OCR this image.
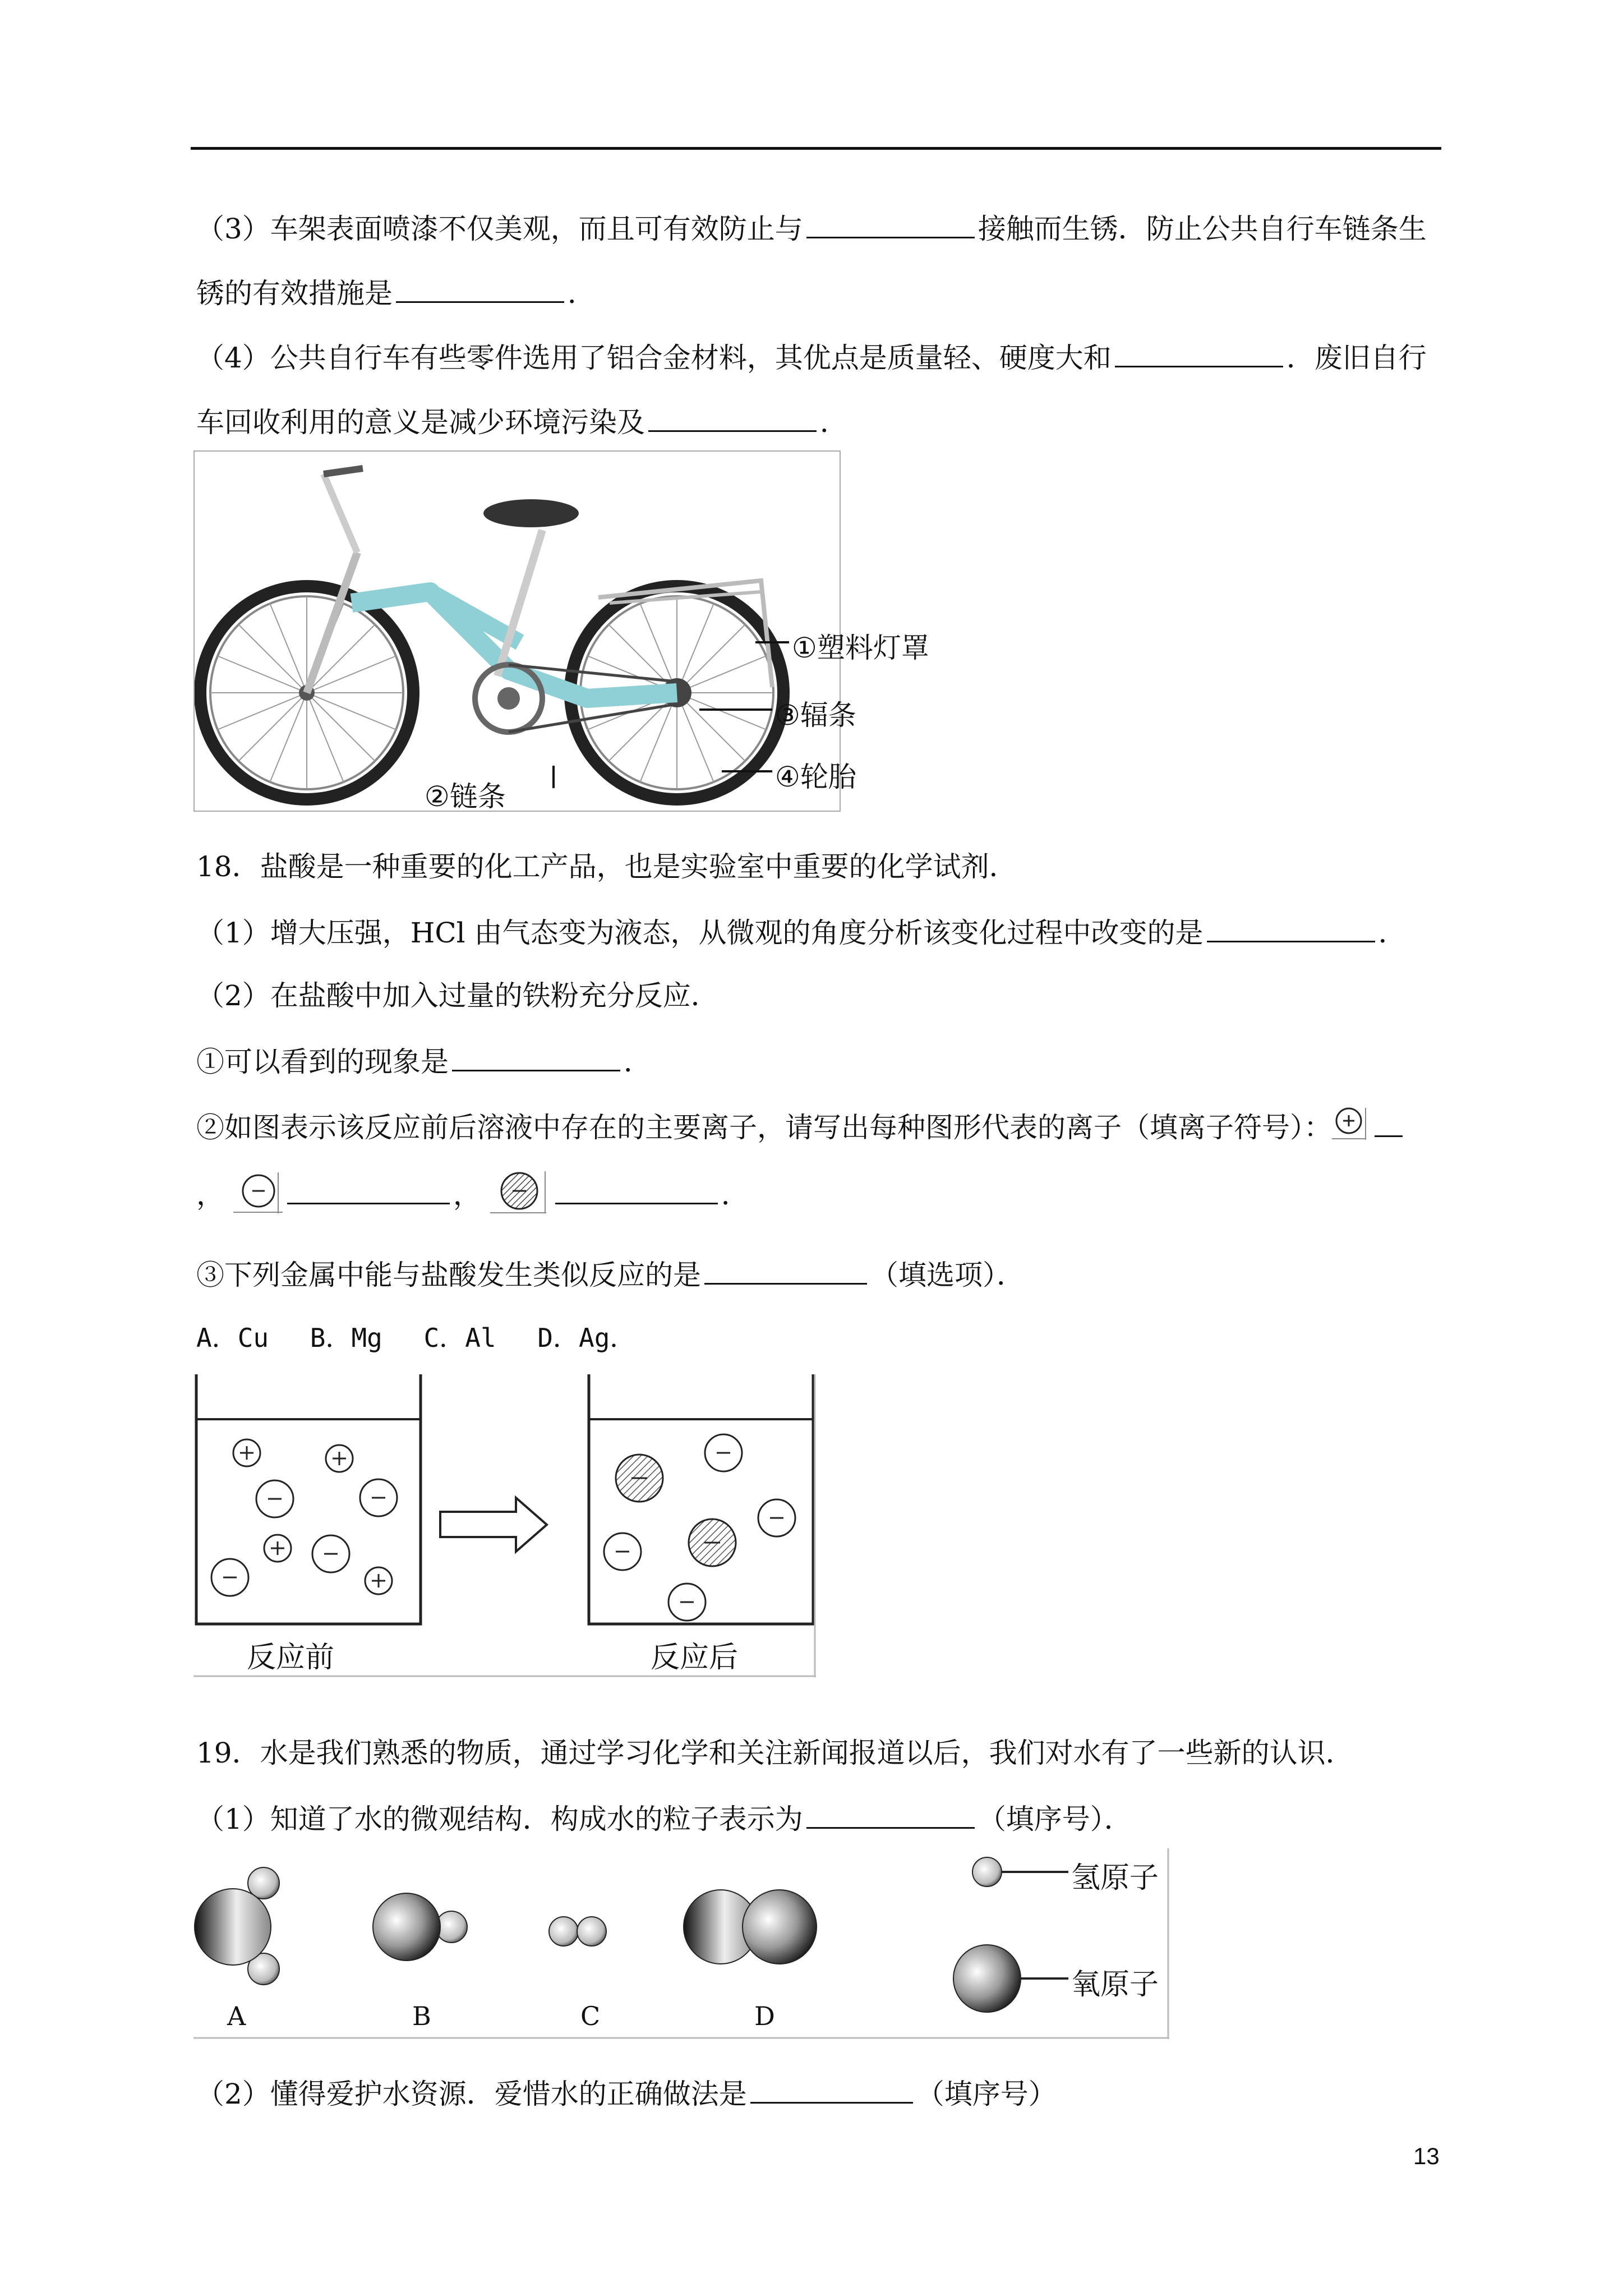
（3）车架表面喷漆不仅美观，而且可有效防止与	接触而生锈．防止公共自行车链条生
锈的有效措施是	．
（4）公共自行车有些零件选用了铝合金材料，其优点是质量轻、硬度大和	．废旧自行
车回收利用的意义是减少环境污染及	．
①塑料灯罩
③辐条
④轮胎
②链条
18．盐酸是一种重要的化工产品，也是实验室中重要的化学试剂．
（1）增大压强，HCl 由气态变为液态，从微观的角度分析该变化过程中改变的是	．
（2）在盐酸中加入过量的铁粉充分反应．
①可以看到的现象是	．
②如图表示该反应前后溶液中存在的主要离子，请写出每种图形代表的离子（填离子符号）：
，	，	．
③下列金属中能与盐酸发生类似反应的是	（填选项）．
A．Cu　 B．Mg　 C．Al　 D．Ag．
反应前	反应后
19．水是我们熟悉的物质，通过学习化学和关注新闻报道以后，我们对水有了一些新的认识．
（1）知道了水的微观结构．构成水的粒子表示为	（填序号）．
A	B	C	D
氢原子
氧原子
（2）懂得爱护水资源．爱惜水的正确做法是	（填序号）
13
